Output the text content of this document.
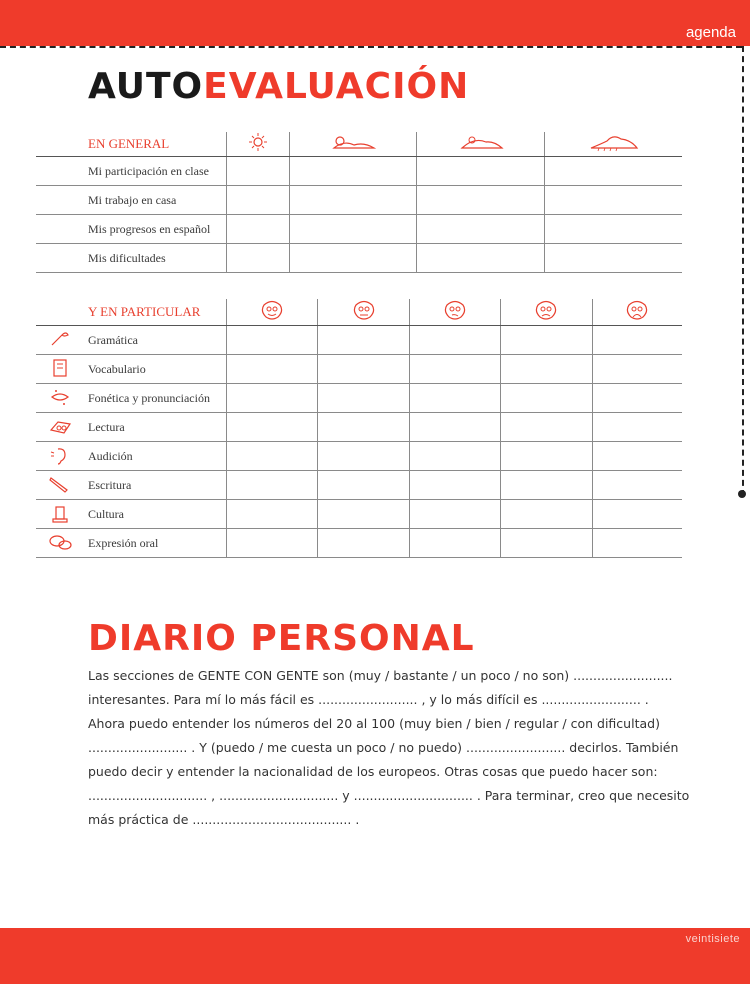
agenda
AUTOEVALUACIÓN
EN GENERAL				
Mi participación en clase				
Mi trabajo en casa				
Mis progresos en español				
Mis dificultades				
Y EN PARTICULAR					

Gramática					

Vocabulario					

Fonética y pronunciación					

Lectura					

Audición					

Escritura					

Cultura					

Expresión oral					
DIARIO PERSONAL

Las secciones de GENTE CON GENTE son (muy / bastante / un poco / no son) .........................

interesantes. Para mí lo más fácil es ......................... , y lo más difícil es ......................... .

Ahora puedo entender los números del 20 al 100 (muy bien / bien / regular / con dificultad)

......................... . Y (puedo / me cuesta un poco / no puedo) ......................... decirlos. También

puedo decir y entender la nacionalidad de los europeos. Otras cosas que puedo hacer son:

.............................. , .............................. y .............................. . Para terminar, creo que necesito

más práctica de ........................................ .

veintisiete
